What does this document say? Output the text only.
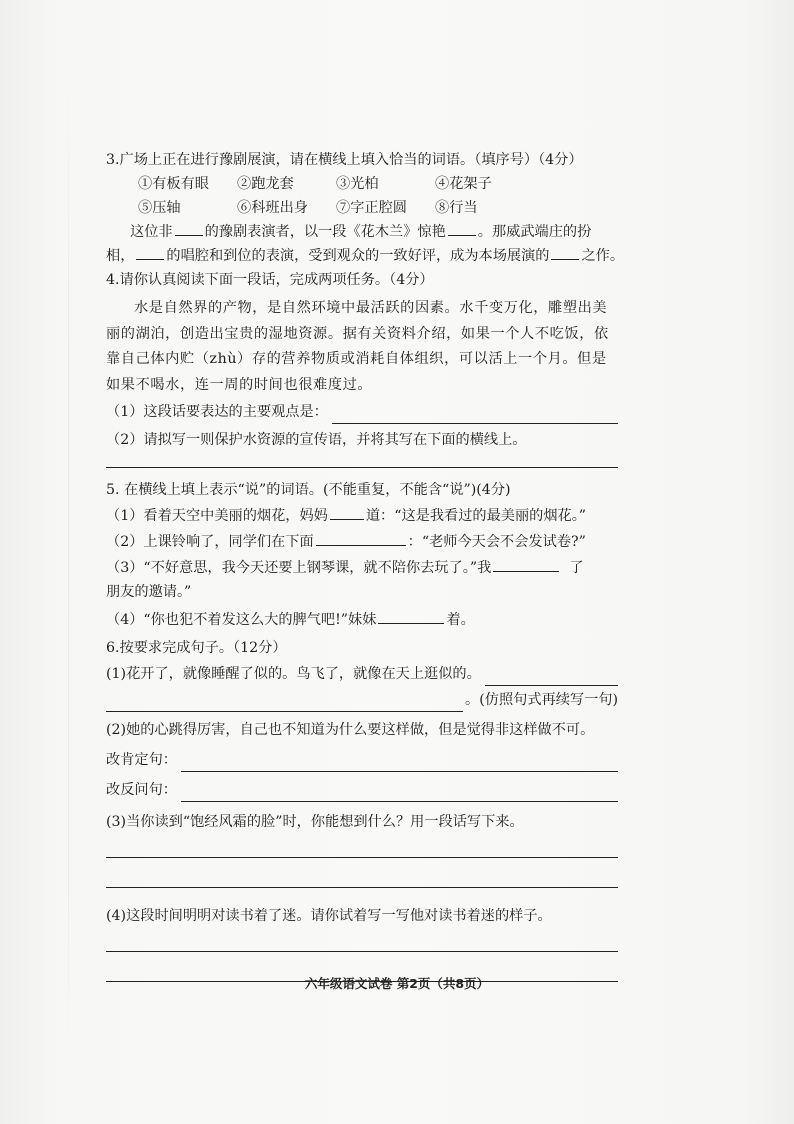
3.广场上正在进行豫剧展演，请在横线上填入恰当的词语。（填序号）（4分）
①有板有眼 ②跑龙套	③光柏	④花架子
⑤压轴	⑥科班出身 ⑦字正腔圆 ⑧行当
这位非 的豫剧表演者，以一段《花木兰》惊艳 。那威武端庄的扮
相， 的唱腔和到位的表演，受到观众的一致好评，成为本场展演的 之作。
4.请你认真阅读下面一段话，完成两项任务。（4分）

水是自然界的产物，是自然环境中最活跃的因素。水千变万化，雕塑出美丽的湖泊，创造出宝贵的湿地资源。据有关资料介绍，如果一个人不吃饭，依靠自己体内贮（zhù）存的营养物质或消耗自体组织，可以活上一个月。但是如果不喝水，连一周的时间也很难度过。

（1）这段话要表达的主要观点是：
（2）请拟写一则保护水资源的宣传语，并将其写在下面的横线上。
5. 在横线上填上表示“说”的词语。(不能重复，不能含“说”)(4分)
（1）看着天空中美丽的烟花，妈妈	道：“这是我看过的最美丽的烟花。”
（2）上课铃响了，同学们在下面	：“老师今天会不会发试卷?”
（3）“不好意思，我今天还要上钢琴课，就不陪你去玩了。”我	了
朋友的邀请。”
（4）“你也犯不着发这么大的脾气吧!”妹妹	着。
6.按要求完成句子。（12分）
(1)花开了，就像睡醒了似的。鸟飞了，就像在天上逛似的。
。(仿照句式再续写一句)
(2)她的心跳得厉害，自己也不知道为什么要这样做，但是觉得非这样做不可。
改肯定句：
改反问句：
(3)当你读到“饱经风霜的脸”时，你能想到什么？用一段话写下来。
(4)这段时间明明对读书着了迷。请你试着写一写他对读书着迷的样子。
六年级语文试卷 第2页（共8页）
